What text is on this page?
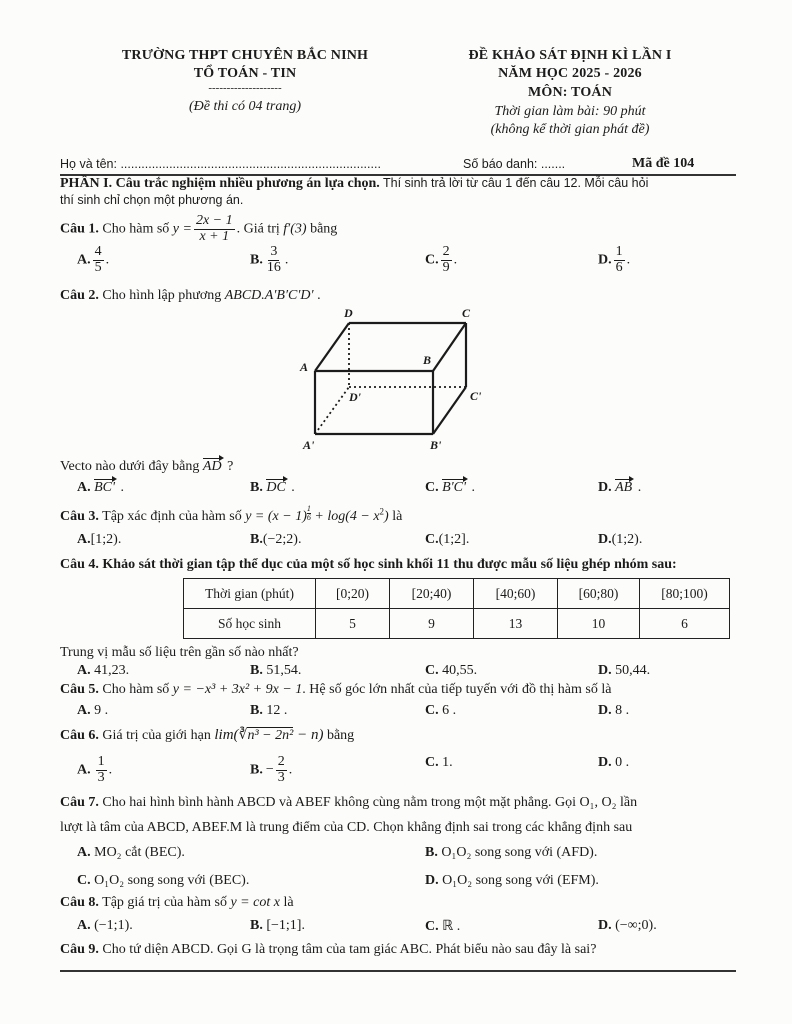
TRƯỜNG THPT CHUYÊN BẮC NINH
TỔ TOÁN - TIN
--------------------
(Đề thi có 04 trang)
ĐỀ KHẢO SÁT ĐỊNH KÌ LẦN I
NĂM HỌC 2025 - 2026
MÔN: TOÁN
Thời gian làm bài: 90 phút
(không kể thời gian phát đề)
Họ và tên: ...........................................................................	Số báo danh: .......	Mã đề 104
PHẦN I. Câu trắc nghiệm nhiều phương án lựa chọn. Thí sinh trả lời từ câu 1 đến câu 12. Mỗi câu hỏi
thí sinh chỉ chọn một phương án.
Câu 1. Cho hàm số $y = \frac{2x - 1}{x + 1}$ . Giá trị f′(3) bằng
A. $\frac{4}{5}$ .	B. $\frac{3}{16}$ .	C. $\frac{2}{9}$ .	D. $\frac{1}{6}$ .
Câu 2. Cho hình lập phương ABCD.A′B′C′D′ .
D	C
A	B
D'	C'
A'	B'
Vecto nào dưới đây bằng AD ?
A. BC' .	B. DC .	C. B'C' .	D. AB .
Câu 3. Tập xác định của hàm số $y = (x - 1) \frac{1}{6} + \log(4 - x^2)$ là
A.[1;2).	B.(−2;2).	C.(1;2].	D.(1;2).
Câu 4. Khảo sát thời gian tập thể dục của một số học sinh khối 11 thu được mẫu số liệu ghép nhóm sau:
Thời gian (phút)	[0;20)	[20;40)	[40;60)	[60;80)	[80;100)
Số học sinh	5	9	13	10	6
Trung vị mẫu số liệu trên gần số nào nhất?
A. 41,23.	B. 51,54.	C. 40,55.	D. 50,44.
Câu 5. Cho hàm số y = −x³ + 3x² + 9x − 1. Hệ số góc lớn nhất của tiếp tuyến với đồ thị hàm số là
A. 9 .	B. 12 .	C. 6 .	D. 8 .
Câu 6. Giá trị của giới hạn lim(∛n³ − 2n² − n) bằng
A. $\frac{1}{3}$ .	B. − $\frac{2}{3}$ .	C. 1.	D. 0 .
Câu 7. Cho hai hình bình hành ABCD và ABEF không cùng nằm trong một mặt phẳng. Gọi O₁, O₂ lần
lượt là tâm của ABCD, ABEF.M là trung điểm của CD. Chọn khẳng định sai trong các khẳng định sau
A. MO₂ cắt (BEC).	B. O₁O₂ song song với (AFD).
C. O₁O₂ song song với (BEC).	D. O₁O₂ song song với (EFM).
Câu 8. Tập giá trị của hàm số y = cot x là
A. (−1;1).	B. [−1;1].	C. ℝ .	D. (−∞;0).
Câu 9. Cho tứ diện ABCD. Gọi G là trọng tâm của tam giác ABC. Phát biểu nào sau đây là sai?
